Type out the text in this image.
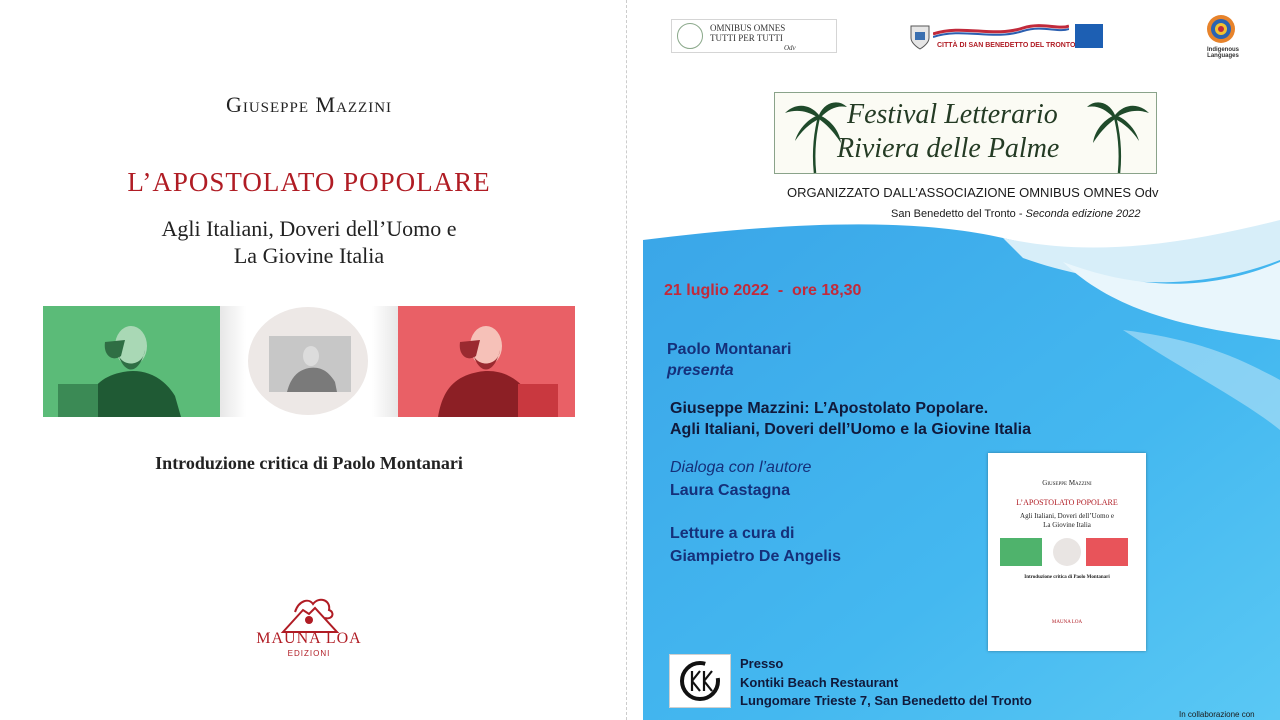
Giuseppe Mazzini
L’APOSTOLATO POPOLARE
Agli Italiani, Doveri dell’Uomo e
La Giovine Italia
Introduzione critica di Paolo Montanari
MAUNA LOA
EDIZIONI
OMNIBUS OMNES
TUTTI PER TUTTI
Odv	CITTÀ DI SAN BENEDETTO DEL TRONTO
Indigenous Languages
Festival Letterario
Riviera delle Palme
ORGANIZZATO DALL’ASSOCIAZIONE OMNIBUS OMNES Odv
San Benedetto del Tronto - Seconda edizione 2022
21 luglio 2022  -  ore 18,30
Paolo Montanari
presenta
Giuseppe Mazzini: L’Apostolato Popolare.
Agli Italiani, Doveri dell’Uomo e la Giovine Italia
Dialoga con l’autore
Laura Castagna
Letture a cura di
Giampietro De Angelis
Giuseppe Mazzini
L’APOSTOLATO POPOLARE
Agli Italiani, Doveri dell’Uomo e
La Giovine Italia
Introduzione critica di Paolo Montanari
MAUNA LOA
Presso
Kontiki Beach Restaurant
Lungomare Trieste 7, San Benedetto del Tronto
In collaborazione con
